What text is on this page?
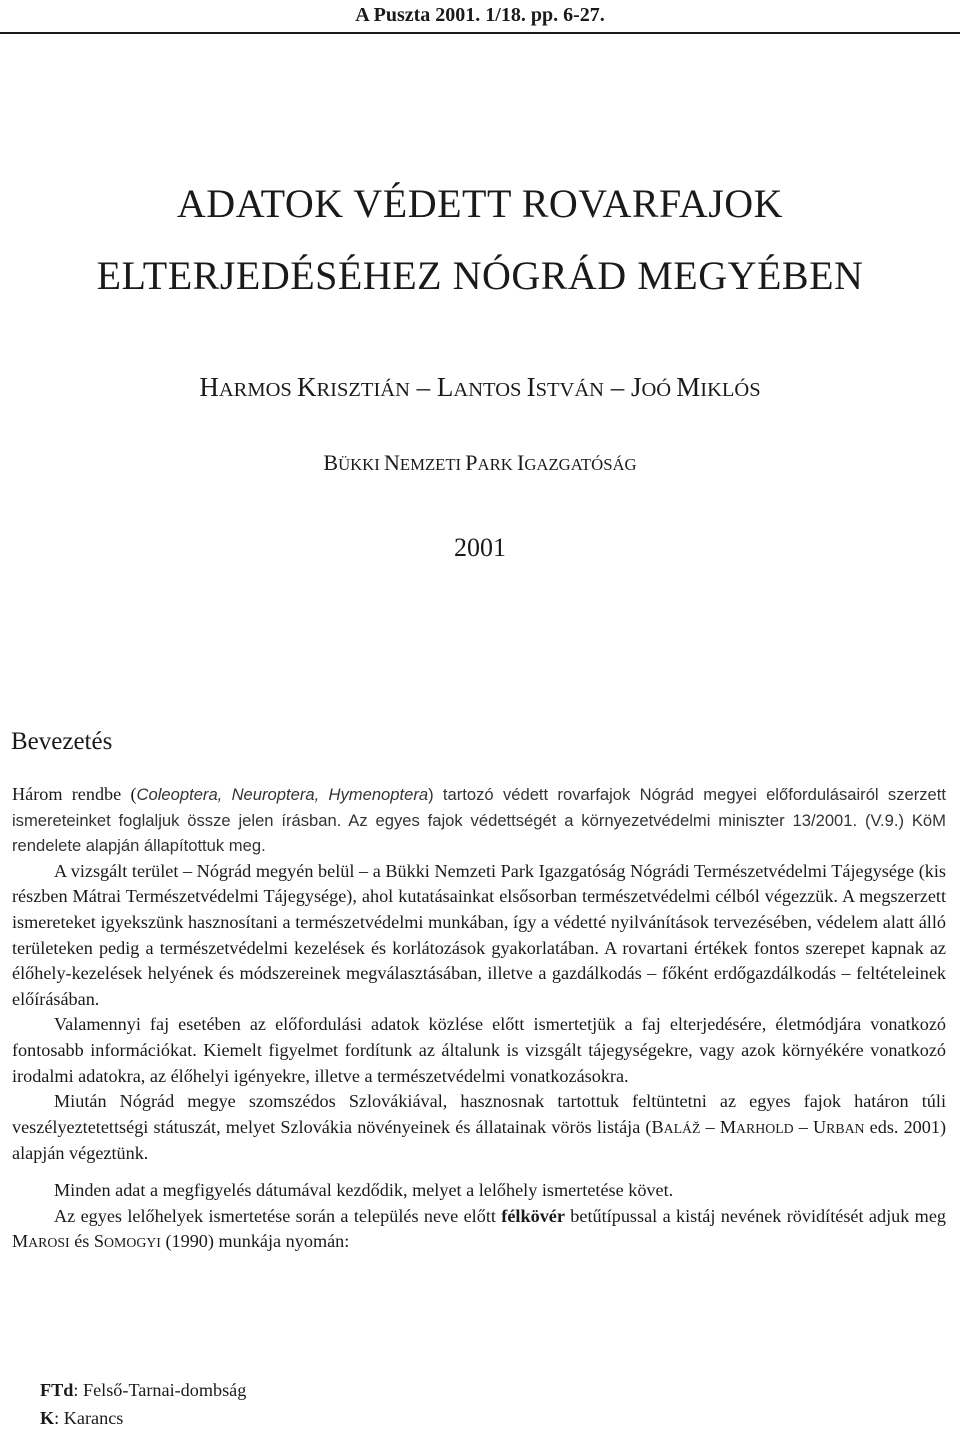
A Puszta 2001. 1/18. pp. 6-27.
ADATOK VÉDETT ROVARFAJOK
ELTERJEDÉSÉHEZ NÓGRÁD MEGYÉBEN
HARMOS KRISZTIÁN – LANTOS ISTVÁN – JOÓ MIKLÓS
BÜKKI NEMZETI PARK IGAZGATÓSÁG
2001
Bevezetés

Három rendbe (Coleoptera, Neuroptera, Hymenoptera) tartozó védett rovarfajok Nógrád megyei előfordulásairól szerzett ismereteinket foglaljuk össze jelen írásban. Az egyes fajok védettségét a környezetvédelmi miniszter 13/2001. (V.9.) KöM rendelete alapján állapítottuk meg.

A vizsgált terület – Nógrád megyén belül – a Bükki Nemzeti Park Igazgatóság Nógrádi Természetvédelmi Tájegysége (kis részben Mátrai Természetvédelmi Tájegysége), ahol kutatásainkat elsősorban természetvédelmi célból végezzük. A megszerzett ismereteket igyekszünk hasznosítani a természetvédelmi munkában, így a védetté nyilvánítások tervezésében, védelem alatt álló területeken pedig a természetvédelmi kezelések és korlátozások gyakorlatában. A rovartani értékek fontos szerepet kapnak az élőhely-kezelések helyének és módszereinek megválasztásában, illetve a gazdálkodás – főként erdőgazdálkodás – feltételeinek előírásában.

Valamennyi faj esetében az előfordulási adatok közlése előtt ismertetjük a faj elterjedésére, életmódjára vonatkozó fontosabb információkat. Kiemelt figyelmet fordítunk az általunk is vizsgált tájegységekre, vagy azok környékére vonatkozó irodalmi adatokra, az élőhelyi igényekre, illetve a természetvédelmi vonatkozásokra.

Miután Nógrád megye szomszédos Szlovákiával, hasznosnak tartottuk feltüntetni az egyes fajok határon túli veszélyeztetettségi státuszát, melyet Szlovákia növényeinek és állatainak vörös listája (BALÁŽ – MARHOLD – URBAN eds. 2001) alapján végeztünk.

Minden adat a megfigyelés dátumával kezdődik, melyet a lelőhely ismertetése követ.

Az egyes lelőhelyek ismertetése során a település neve előtt félkövér betűtípussal a kistáj nevének rövidítését adjuk meg MAROSI és SOMOGYI (1990) munkája nyomán:

FTd: Felső-Tarnai-dombság
K: Karancs
